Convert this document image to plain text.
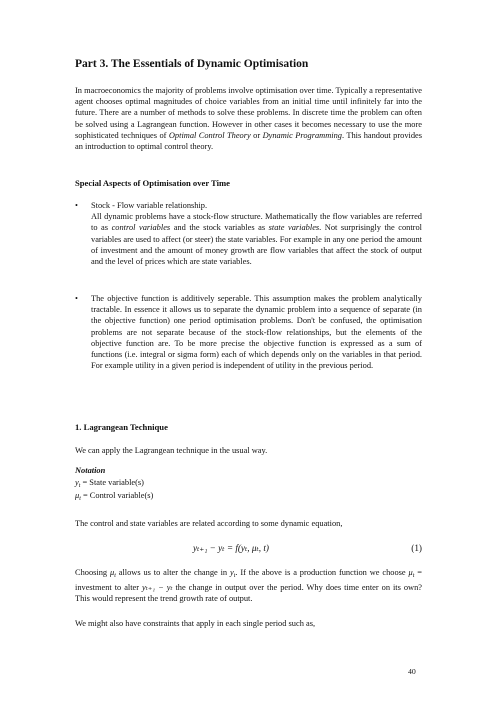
Part 3. The Essentials of Dynamic Optimisation
In macroeconomics the majority of problems involve optimisation over time. Typically a representative agent chooses optimal magnitudes of choice variables from an initial time until infinitely far into the future. There are a number of methods to solve these problems. In discrete time the problem can often be solved using a Lagrangean function. However in other cases it becomes necessary to use the more sophisticated techniques of Optimal Control Theory or Dynamic Programming. This handout provides an introduction to optimal control theory.
Special Aspects of Optimisation over Time
•	Stock - Flow variable relationship.
All dynamic problems have a stock-flow structure. Mathematically the flow variables are referred to as control variables and the stock variables as state variables. Not surprisingly the control variables are used to affect (or steer) the state variables. For example in any one period the amount of investment and the amount of money growth are flow variables that affect the stock of output and the level of prices which are state variables.
•	The objective function is additively seperable. This assumption makes the problem analytically tractable. In essence it allows us to separate the dynamic problem into a sequence of separate (in the objective function) one period optimisation problems. Don't be confused, the optimisation problems are not separate because of the stock-flow relationships, but the elements of the objective function are. To be more precise the objective function is expressed as a sum of functions (i.e. integral or sigma form) each of which depends only on the variables in that period. For example utility in a given period is independent of utility in the previous period.
1. Lagrangean Technique
We can apply the Lagrangean technique in the usual way.
Notation
$y_t$ = State variable(s)
$\mu_t$ = Control variable(s)
The control and state variables are related according to some dynamic equation,
yₜ₊₁ − yₜ = f(yₜ, μₜ, t)	(1)
Choosing $\mu_t$ allows us to alter the change in $y_t$. If the above is a production function we choose $\mu_t$ = investment to alter yₜ₊₁ − yₜ the change in output over the period. Why does time enter on its own? This would represent the trend growth rate of output.
We might also have constraints that apply in each single period such as,
40
